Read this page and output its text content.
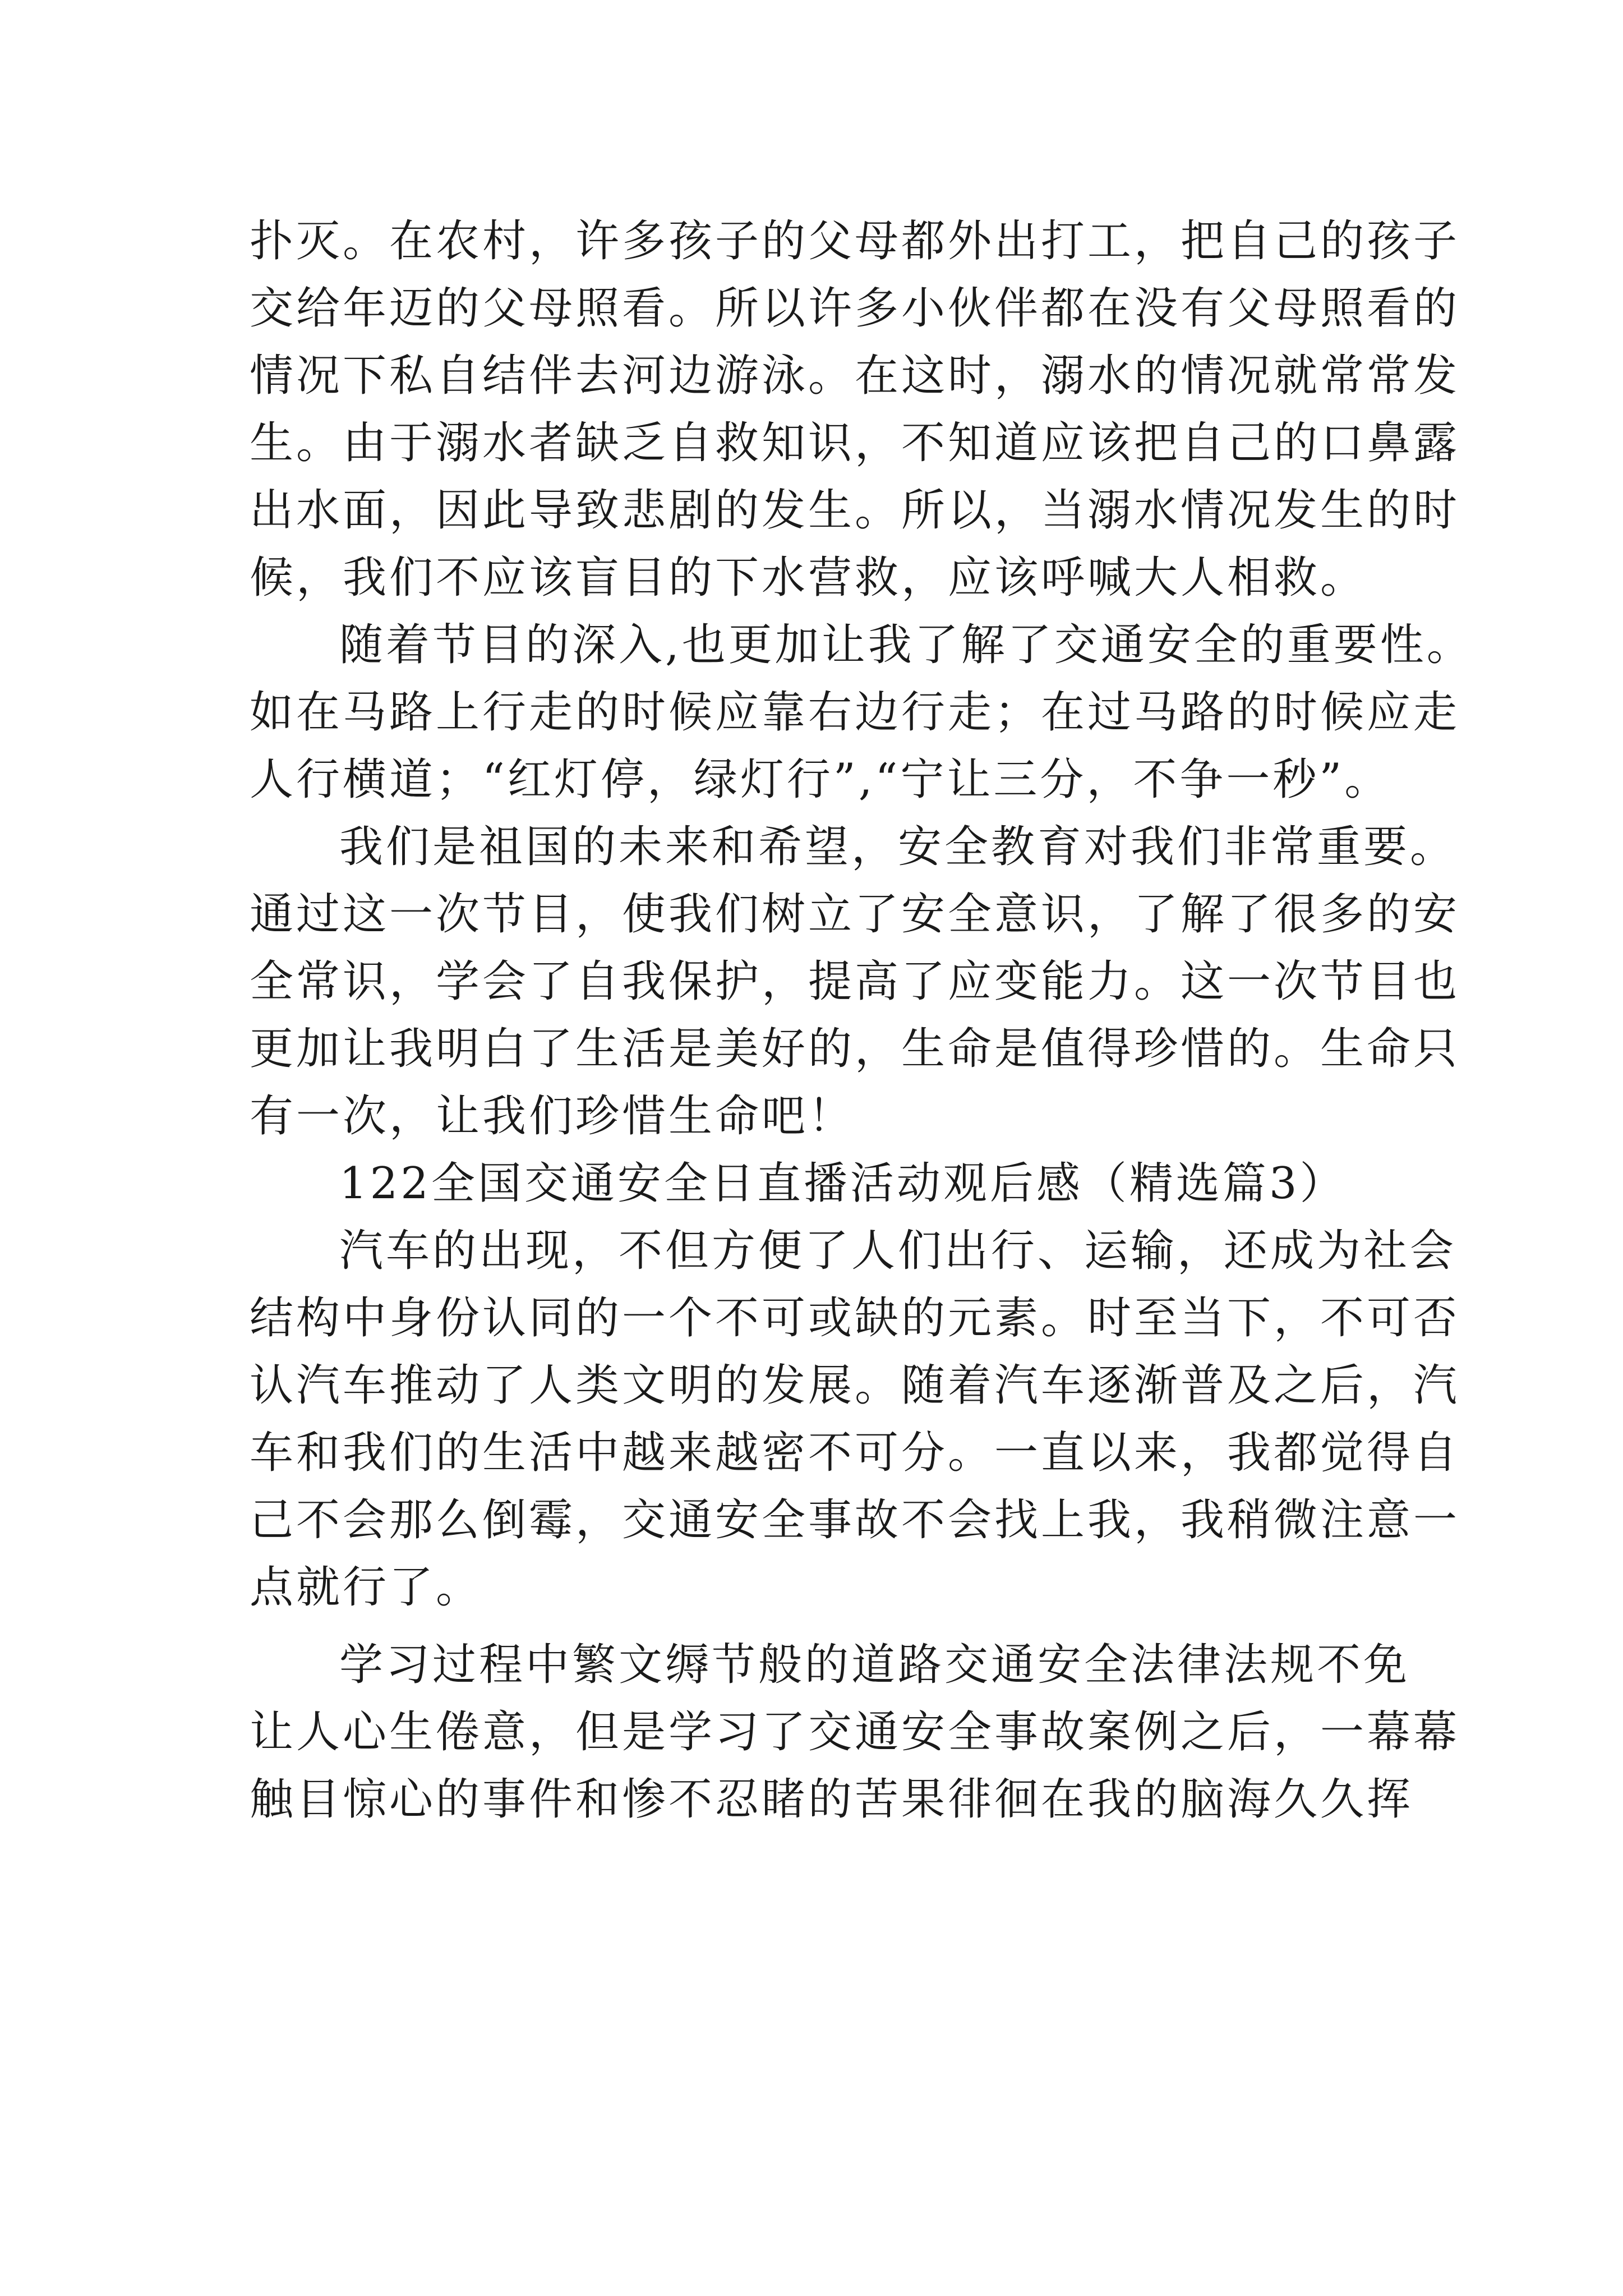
扑灭。在农村，许多孩子的父母都外出打工，把自己的孩子
交给年迈的父母照看。所以许多小伙伴都在没有父母照看的
情况下私自结伴去河边游泳。在这时，溺水的情况就常常发
生。由于溺水者缺乏自救知识，不知道应该把自己的口鼻露
出水面，因此导致悲剧的发生。所以，当溺水情况发生的时
候，我们不应该盲目的下水营救，应该呼喊大人相救。
随着节目的深入,也更加让我了解了交通安全的重要性。
如在马路上行走的时候应靠右边行走；在过马路的时候应走
人行横道；“红灯停，绿灯行”,“宁让三分，不争一秒”。
我们是祖国的未来和希望，安全教育对我们非常重要。
通过这一次节目，使我们树立了安全意识，了解了很多的安
全常识，学会了自我保护，提高了应变能力。这一次节目也
更加让我明白了生活是美好的，生命是值得珍惜的。生命只
有一次，让我们珍惜生命吧！
122全国交通安全日直播活动观后感（精选篇3）
汽车的出现，不但方便了人们出行、运输，还成为社会
结构中身份认同的一个不可或缺的元素。时至当下，不可否
认汽车推动了人类文明的发展。随着汽车逐渐普及之后，汽
车和我们的生活中越来越密不可分。一直以来，我都觉得自
己不会那么倒霉，交通安全事故不会找上我，我稍微注意一
点就行了。
学习过程中繁文缛节般的道路交通安全法律法规不免
让人心生倦意，但是学习了交通安全事故案例之后，一幕幕
触目惊心的事件和惨不忍睹的苦果徘徊在我的脑海久久挥
